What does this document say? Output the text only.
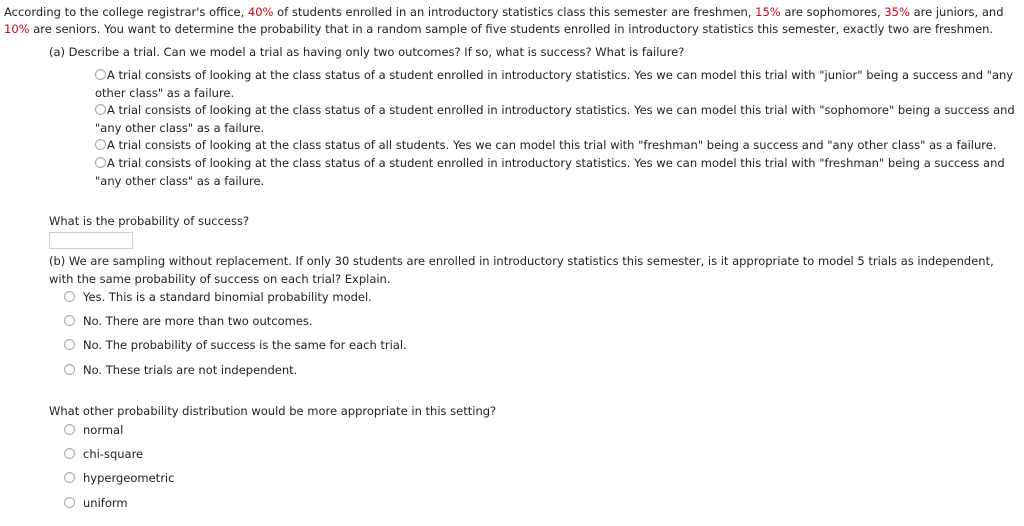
According to the college registrar's office, 40% of students enrolled in an introductory statistics class this semester are freshmen, 15% are sophomores, 35% are juniors, and
10% are seniors. You want to determine the probability that in a random sample of five students enrolled in introductory statistics this semester, exactly two are freshmen.
(a) Describe a trial. Can we model a trial as having only two outcomes? If so, what is success? What is failure?
A trial consists of looking at the class status of a student enrolled in introductory statistics. Yes we can model this trial with "junior" being a success and "any
other class" as a failure.
A trial consists of looking at the class status of a student enrolled in introductory statistics. Yes we can model this trial with "sophomore" being a success and
"any other class" as a failure.
A trial consists of looking at the class status of all students. Yes we can model this trial with "freshman" being a success and "any other class" as a failure.
A trial consists of looking at the class status of a student enrolled in introductory statistics. Yes we can model this trial with "freshman" being a success and
"any other class" as a failure.
What is the probability of success?
(b) We are sampling without replacement. If only 30 students are enrolled in introductory statistics this semester, is it appropriate to model 5 trials as independent,
with the same probability of success on each trial? Explain.
Yes. This is a standard binomial probability model.
No. There are more than two outcomes.
No. The probability of success is the same for each trial.
No. These trials are not independent.
What other probability distribution would be more appropriate in this setting?
normal
chi-square
hypergeometric
uniform
